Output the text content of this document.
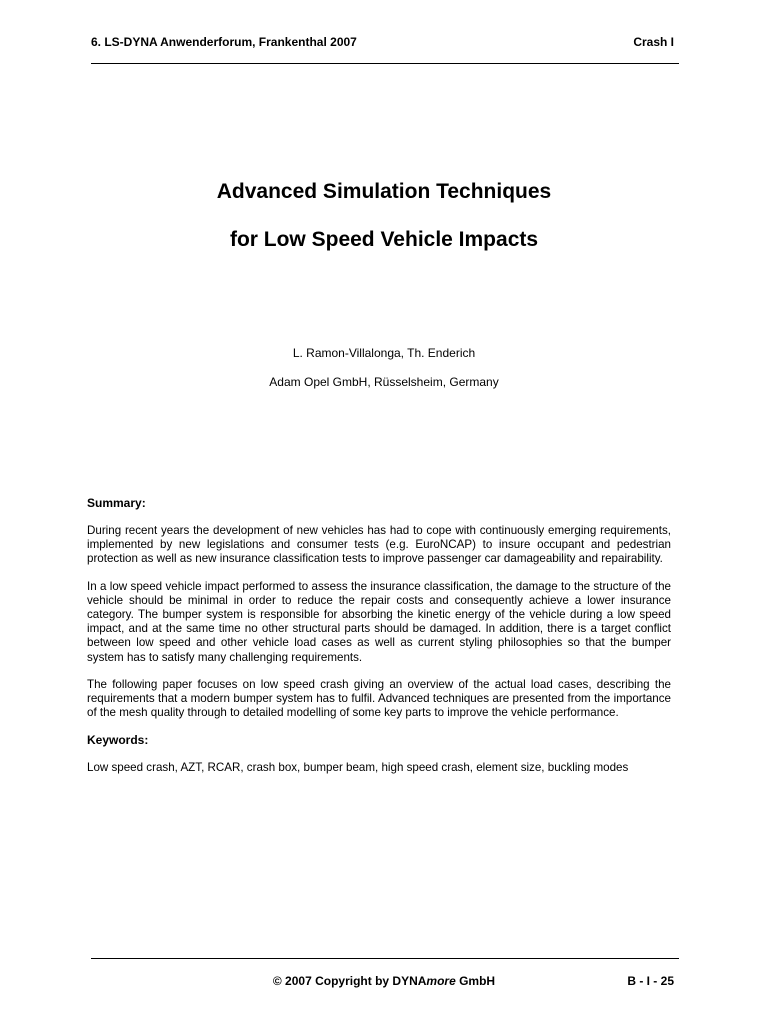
6. LS-DYNA Anwenderforum, Frankenthal 2007	Crash I
Advanced Simulation Techniques
for Low Speed Vehicle Impacts
L. Ramon-Villalonga, Th. Enderich
Adam Opel GmbH, Rüsselsheim, Germany
Summary:

During recent years the development of new vehicles has had to cope with continuously emerging requirements, implemented by new legislations and consumer tests (e.g. EuroNCAP) to insure occupant and pedestrian protection as well as new insurance classification tests to improve passenger car damageability and repairability.

In a low speed vehicle impact performed to assess the insurance classification, the damage to the structure of the vehicle should be minimal in order to reduce the repair costs and consequently achieve a lower insurance category. The bumper system is responsible for absorbing the kinetic energy of the vehicle during a low speed impact, and at the same time no other structural parts should be damaged. In addition, there is a target conflict between low speed and other vehicle load cases as well as current styling philosophies so that the bumper system has to satisfy many challenging requirements.

The following paper focuses on low speed crash giving an overview of the actual load cases, describing the requirements that a modern bumper system has to fulfil. Advanced techniques are presented from the importance of the mesh quality through to detailed modelling of some key parts to improve the vehicle performance.

Keywords:

Low speed crash, AZT, RCAR, crash box, bumper beam, high speed crash, element size, buckling modes

© 2007 Copyright by DYNAmore GmbH	B - I - 25
